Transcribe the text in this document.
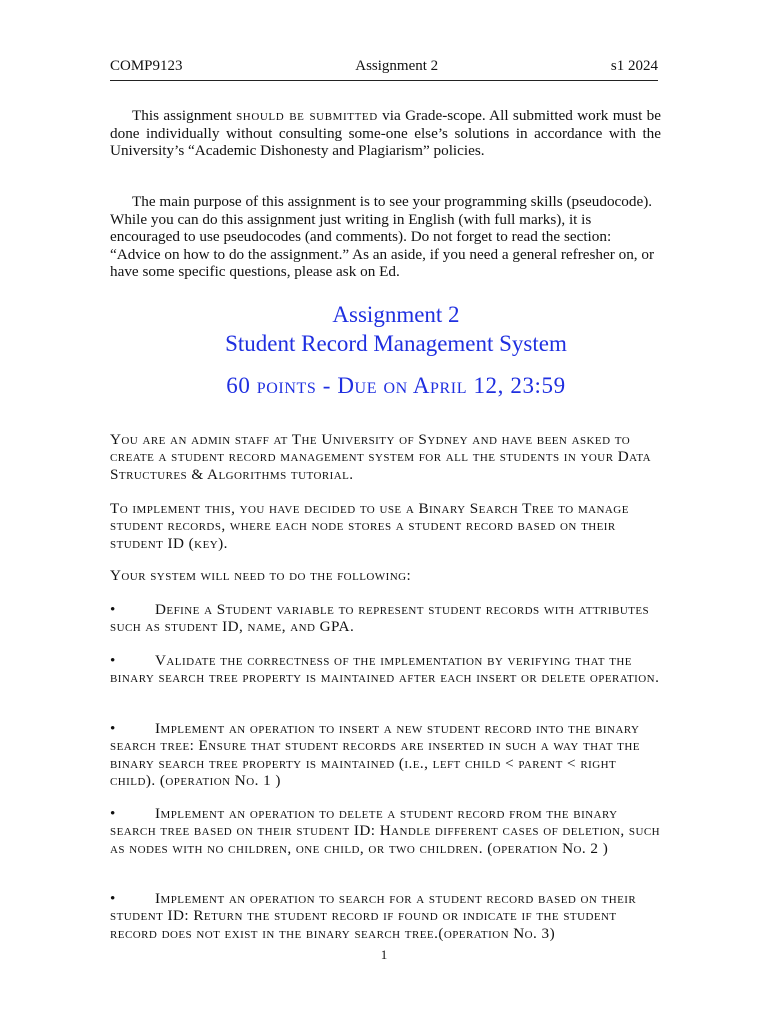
COMP9123	Assignment 2	s1 2024

This assignment should be submitted via Grade-scope. All submitted work must be done individually without consulting some-one else’s solutions in accordance with the University’s “Academic Dishonesty and Plagiarism” policies.

The main purpose of this assignment is to see your programming skills (pseudocode). While you can do this assignment just writing in English (with full marks), it is encouraged to use pseudocodes (and comments). Do not forget to read the section: “Advice on how to do the assignment.” As an aside, if you need a general refresher on, or have some specific questions, please ask on Ed.

Assignment 2
Student Record Management System
60 points - Due on April 12, 23:59

You are an admin staff at The University of Sydney and have been asked to create a student record management system for all the students in your Data Structures & Algorithms tutorial.

To implement this, you have decided to use a Binary Search Tree to manage student records, where each node stores a student record based on their student ID (key).

Your system will need to do the following:

•	Define a Student variable to represent student records with attributes such as student ID, name, and GPA.

•	Validate the correctness of the implementation by verifying that the binary search tree property is maintained after each insert or delete operation.

•	Implement an operation to insert a new student record into the binary search tree: Ensure that student records are inserted in such a way that the binary search tree property is maintained (i.e., left child < parent < right child). (operation No. 1 )

•	Implement an operation to delete a student record from the binary search tree based on their student ID: Handle different cases of deletion, such as nodes with no children, one child, or two children. (operation No. 2 )

•	Implement an operation to search for a student record based on their student ID: Return the student record if found or indicate if the student record does not exist in the binary search tree.(operation No. 3)

1
